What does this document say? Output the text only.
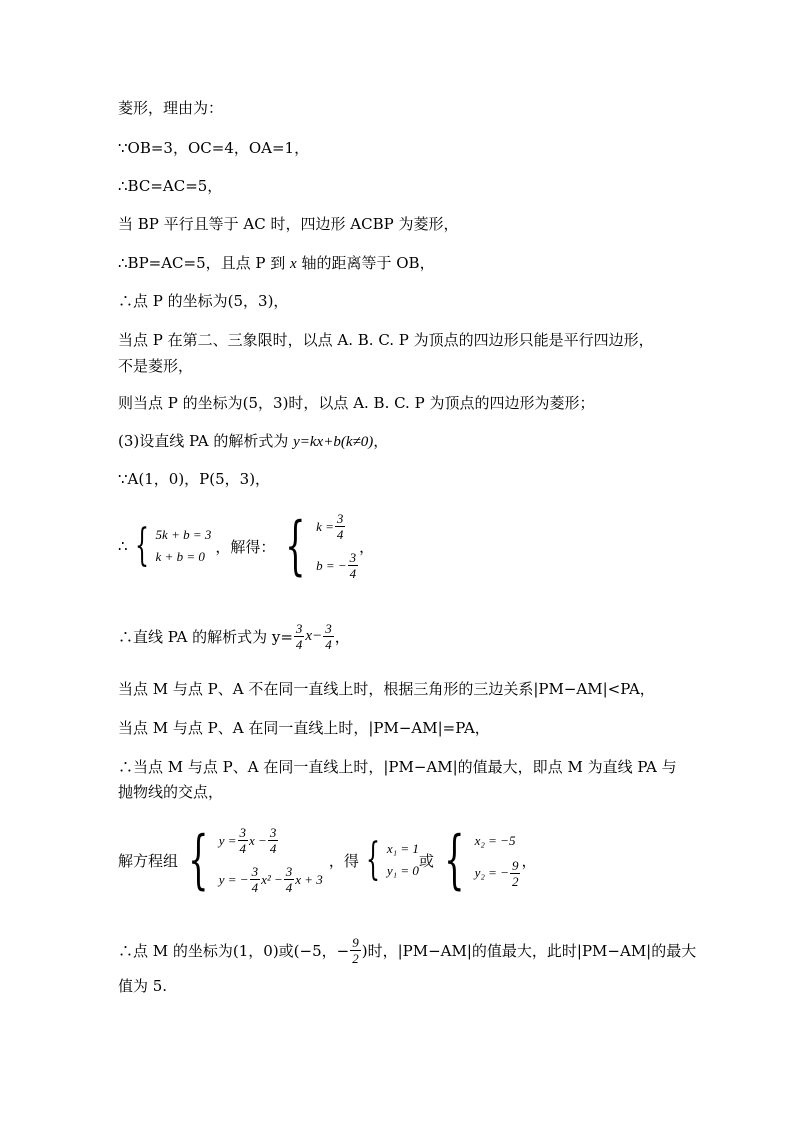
菱形，理由为：
∵OB=3，OC=4，OA=1，
∴BC=AC=5，
当 BP 平行且等于 AC 时，四边形 ACBP 为菱形，
∴BP=AC=5，且点 P 到 x 轴的距离等于 OB，
∴点 P 的坐标为(5，3)，
当点 P 在第二、三象限时，以点 A. B. C. P 为顶点的四边形只能是平行四边形，
不是菱形，
则当点 P 的坐标为(5，3)时，以点 A. B. C. P 为顶点的四边形为菱形；
(3)设直线 PA 的解析式为 y=kx+b(k≠0)，
∵A(1，0)，P(5，3)，
∴ { 5k + b = 3
k + b = 0
，解得： { $k = \frac{3}{4}$
b = − $\frac{3}{4}$
，
∴直线 PA 的解析式为 $y= \frac{3}{4} x- \frac{3}{4}$ ，
当点 M 与点 P、A 不在同一直线上时，根据三角形的三边关系|PM−AM|<PA，
当点 M 与点 P、A 在同一直线上时，|PM−AM|=PA，
∴当点 M 与点 P、A 在同一直线上时，|PM−AM|的值最大，即点 M 为直线 PA 与
抛物线的交点，
解方程组 { $y = \frac{3}{4}$ $x - \frac{3}{4}$
y = − $\frac{3}{4} x^2 - \frac{3}{4}$ x + 3
，得 { x₁ = 1
y₁ = 0
或 { x₂ = −5
y₂ = − $\frac{9}{2}$ ，
∴点 M 的坐标为(1，0)或(−5，− $\frac{9}{2}$ )时，|PM−AM|的值最大，此时|PM−AM|的最大
值为 5.
